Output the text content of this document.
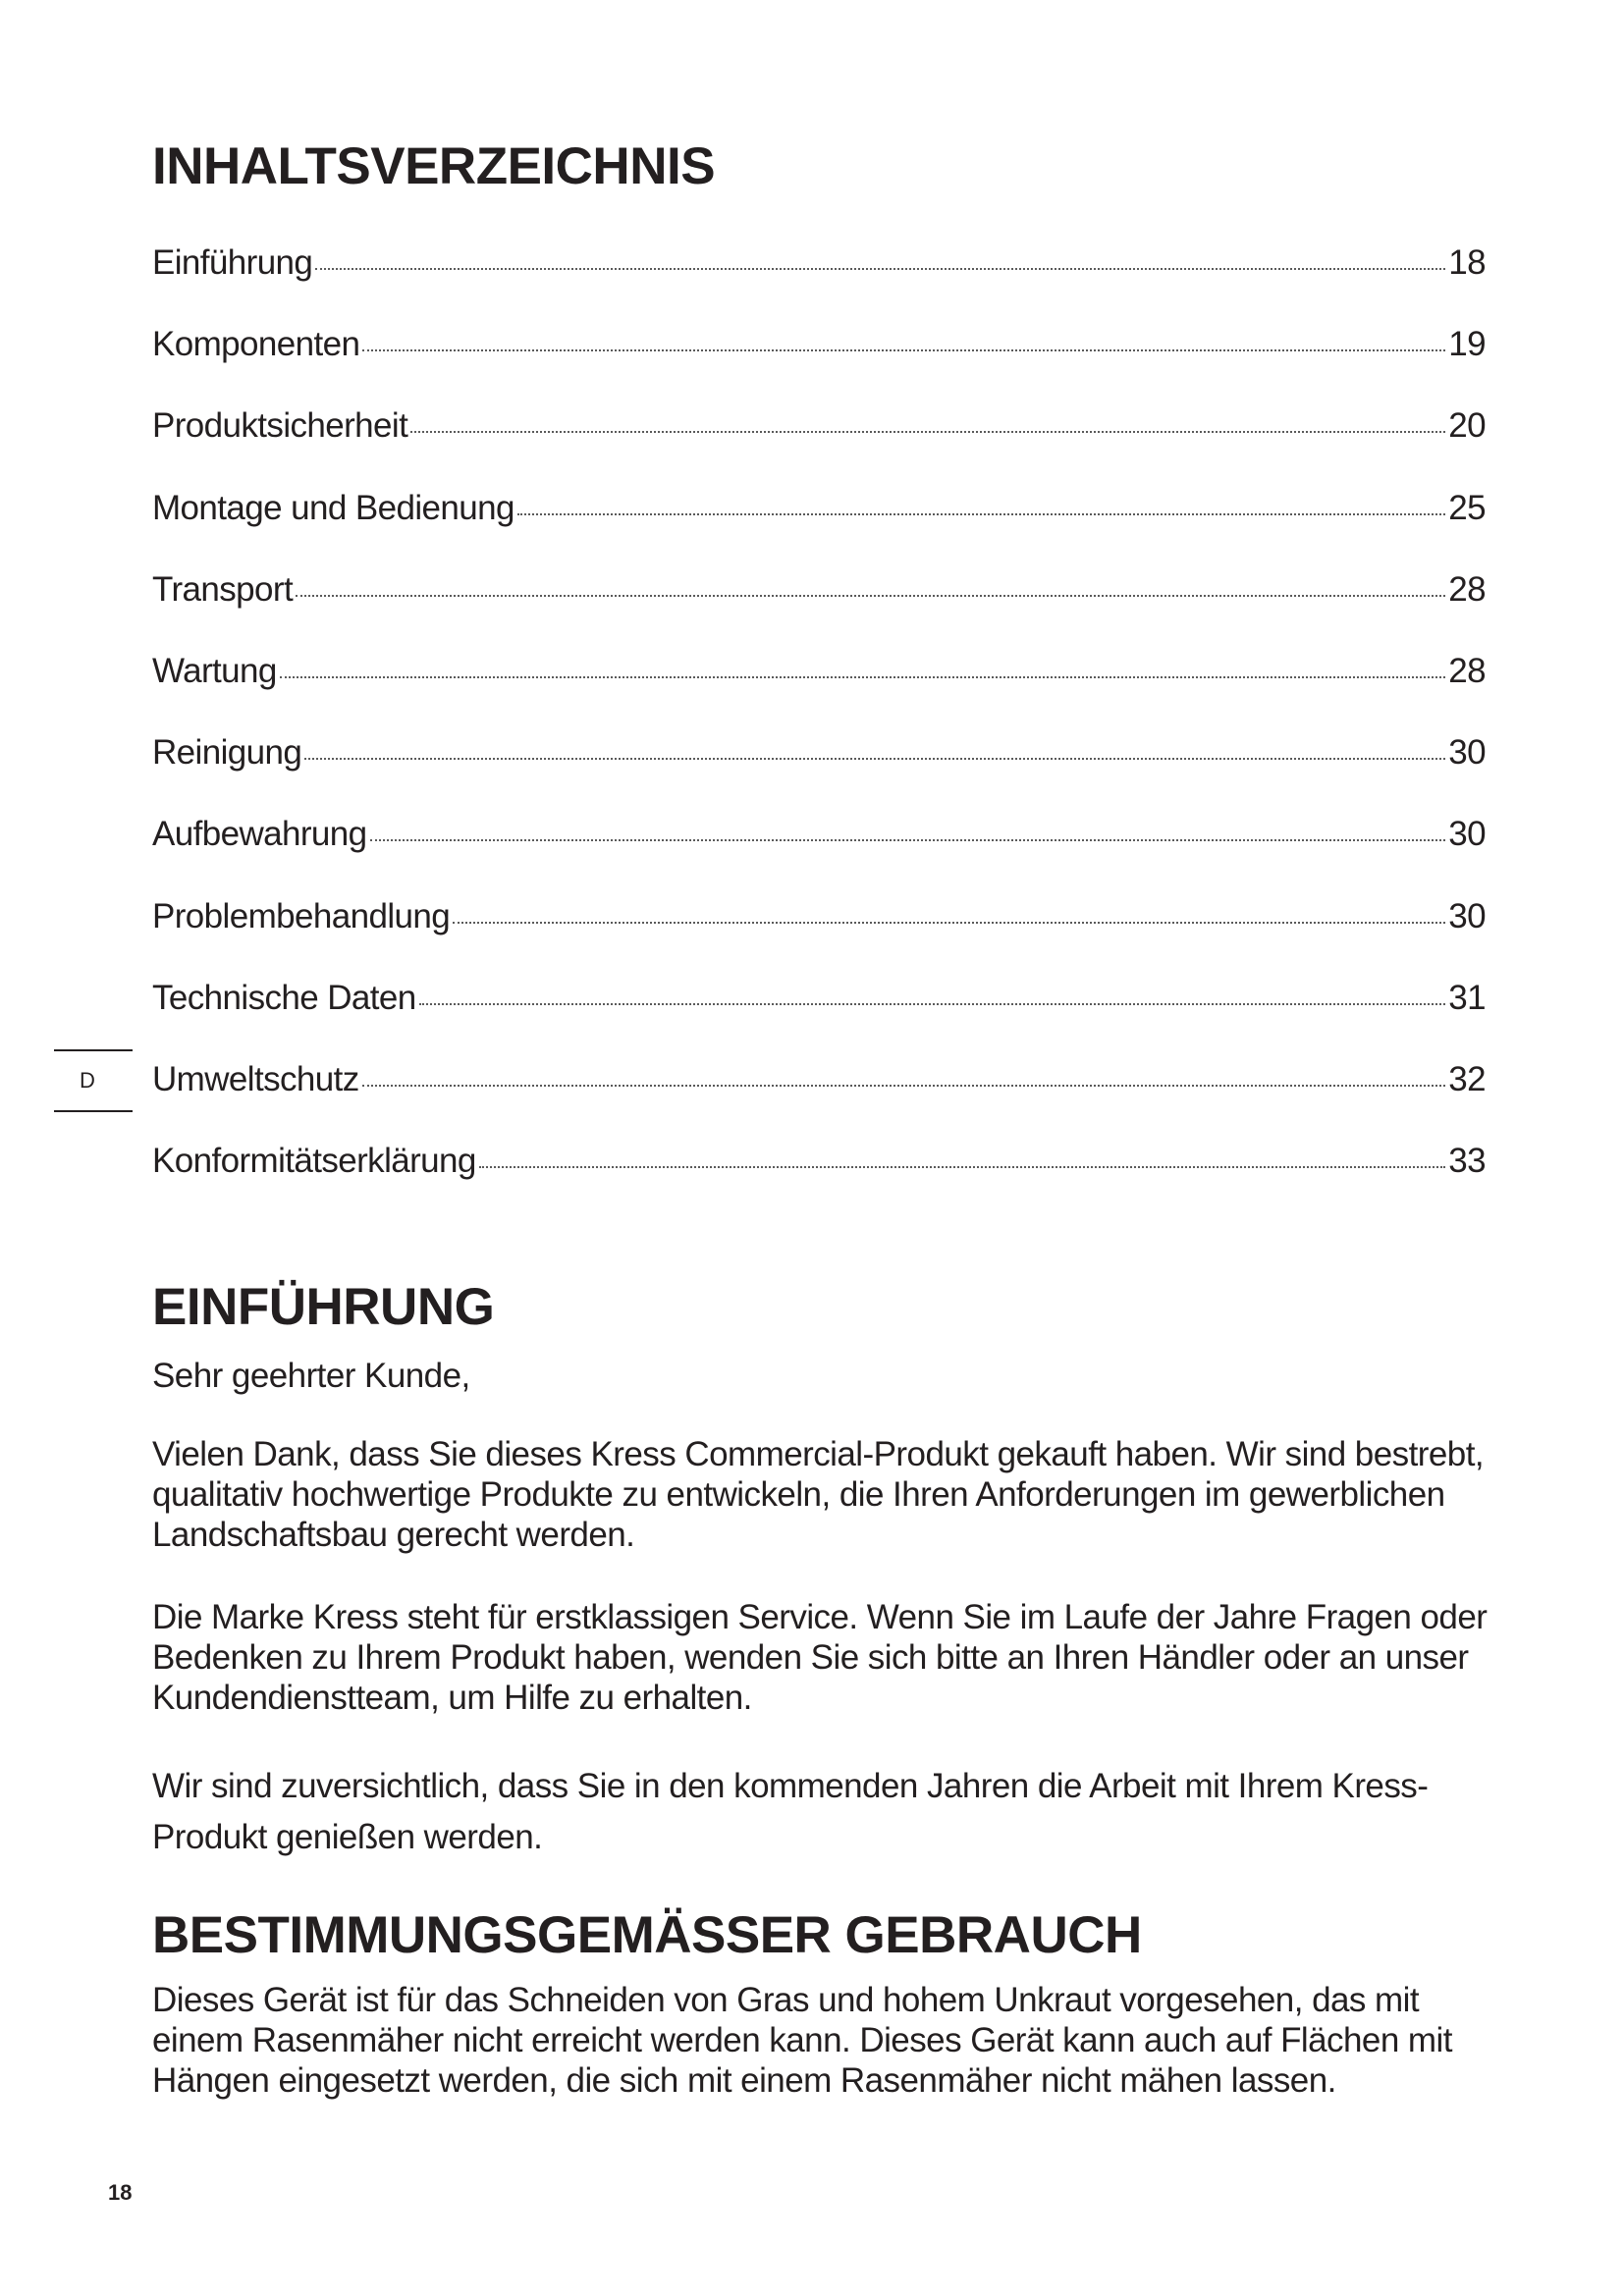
INHALTSVERZEICHNIS
Einführung	18
Komponenten	19
Produktsicherheit	20
Montage und Bedienung	25
Transport	28
Wartung	28
Reinigung	30
Aufbewahrung	30
Problembehandlung	30
Technische Daten	31
Umweltschutz	32
Konformitätserklärung	33
EINFÜHRUNG

Sehr geehrter Kunde,

Vielen Dank, dass Sie dieses Kress Commercial-Produkt gekauft haben. Wir sind bestrebt, qualitativ hochwertige Produkte zu entwickeln, die Ihren Anforderungen im gewerblichen Landschaftsbau gerecht werden.

Die Marke Kress steht für erstklassigen Service. Wenn Sie im Laufe der Jahre Fragen oder Bedenken zu Ihrem Produkt haben, wenden Sie sich bitte an Ihren Händler oder an unser Kundendienstteam, um Hilfe zu erhalten.

Wir sind zuversichtlich, dass Sie in den kommenden Jahren die Arbeit mit Ihrem Kress-Produkt genießen werden.

BESTIMMUNGSGEMÄSSER GEBRAUCH

Dieses Gerät ist für das Schneiden von Gras und hohem Unkraut vorgesehen, das mit einem Rasenmäher nicht erreicht werden kann. Dieses Gerät kann auch auf Flächen mit Hängen eingesetzt werden, die sich mit einem Rasenmäher nicht mähen lassen.

D
18
